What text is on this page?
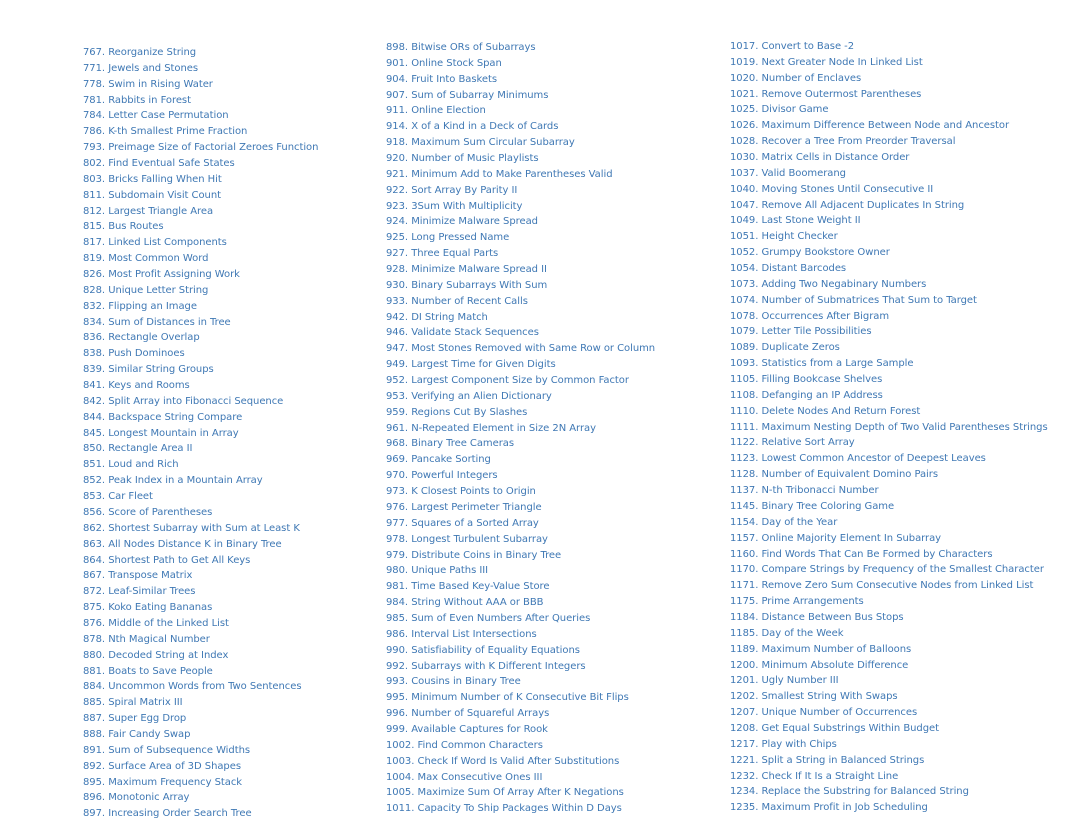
767. Reorganize String
771. Jewels and Stones
778. Swim in Rising Water
781. Rabbits in Forest
784. Letter Case Permutation
786. K-th Smallest Prime Fraction
793. Preimage Size of Factorial Zeroes Function
802. Find Eventual Safe States
803. Bricks Falling When Hit
811. Subdomain Visit Count
812. Largest Triangle Area
815. Bus Routes
817. Linked List Components
819. Most Common Word
826. Most Profit Assigning Work
828. Unique Letter String
832. Flipping an Image
834. Sum of Distances in Tree
836. Rectangle Overlap
838. Push Dominoes
839. Similar String Groups
841. Keys and Rooms
842. Split Array into Fibonacci Sequence
844. Backspace String Compare
845. Longest Mountain in Array
850. Rectangle Area II
851. Loud and Rich
852. Peak Index in a Mountain Array
853. Car Fleet
856. Score of Parentheses
862. Shortest Subarray with Sum at Least K
863. All Nodes Distance K in Binary Tree
864. Shortest Path to Get All Keys
867. Transpose Matrix
872. Leaf-Similar Trees
875. Koko Eating Bananas
876. Middle of the Linked List
878. Nth Magical Number
880. Decoded String at Index
881. Boats to Save People
884. Uncommon Words from Two Sentences
885. Spiral Matrix III
887. Super Egg Drop
888. Fair Candy Swap
891. Sum of Subsequence Widths
892. Surface Area of 3D Shapes
895. Maximum Frequency Stack
896. Monotonic Array
897. Increasing Order Search Tree
898. Bitwise ORs of Subarrays
901. Online Stock Span
904. Fruit Into Baskets
907. Sum of Subarray Minimums
911. Online Election
914. X of a Kind in a Deck of Cards
918. Maximum Sum Circular Subarray
920. Number of Music Playlists
921. Minimum Add to Make Parentheses Valid
922. Sort Array By Parity II
923. 3Sum With Multiplicity
924. Minimize Malware Spread
925. Long Pressed Name
927. Three Equal Parts
928. Minimize Malware Spread II
930. Binary Subarrays With Sum
933. Number of Recent Calls
942. DI String Match
946. Validate Stack Sequences
947. Most Stones Removed with Same Row or Column
949. Largest Time for Given Digits
952. Largest Component Size by Common Factor
953. Verifying an Alien Dictionary
959. Regions Cut By Slashes
961. N-Repeated Element in Size 2N Array
968. Binary Tree Cameras
969. Pancake Sorting
970. Powerful Integers
973. K Closest Points to Origin
976. Largest Perimeter Triangle
977. Squares of a Sorted Array
978. Longest Turbulent Subarray
979. Distribute Coins in Binary Tree
980. Unique Paths III
981. Time Based Key-Value Store
984. String Without AAA or BBB
985. Sum of Even Numbers After Queries
986. Interval List Intersections
990. Satisfiability of Equality Equations
992. Subarrays with K Different Integers
993. Cousins in Binary Tree
995. Minimum Number of K Consecutive Bit Flips
996. Number of Squareful Arrays
999. Available Captures for Rook
1002. Find Common Characters
1003. Check If Word Is Valid After Substitutions
1004. Max Consecutive Ones III
1005. Maximize Sum Of Array After K Negations
1011. Capacity To Ship Packages Within D Days
1017. Convert to Base -2
1019. Next Greater Node In Linked List
1020. Number of Enclaves
1021. Remove Outermost Parentheses
1025. Divisor Game
1026. Maximum Difference Between Node and Ancestor
1028. Recover a Tree From Preorder Traversal
1030. Matrix Cells in Distance Order
1037. Valid Boomerang
1040. Moving Stones Until Consecutive II
1047. Remove All Adjacent Duplicates In String
1049. Last Stone Weight II
1051. Height Checker
1052. Grumpy Bookstore Owner
1054. Distant Barcodes
1073. Adding Two Negabinary Numbers
1074. Number of Submatrices That Sum to Target
1078. Occurrences After Bigram
1079. Letter Tile Possibilities
1089. Duplicate Zeros
1093. Statistics from a Large Sample
1105. Filling Bookcase Shelves
1108. Defanging an IP Address
1110. Delete Nodes And Return Forest
1111. Maximum Nesting Depth of Two Valid Parentheses Strings
1122. Relative Sort Array
1123. Lowest Common Ancestor of Deepest Leaves
1128. Number of Equivalent Domino Pairs
1137. N-th Tribonacci Number
1145. Binary Tree Coloring Game
1154. Day of the Year
1157. Online Majority Element In Subarray
1160. Find Words That Can Be Formed by Characters
1170. Compare Strings by Frequency of the Smallest Character
1171. Remove Zero Sum Consecutive Nodes from Linked List
1175. Prime Arrangements
1184. Distance Between Bus Stops
1185. Day of the Week
1189. Maximum Number of Balloons
1200. Minimum Absolute Difference
1201. Ugly Number III
1202. Smallest String With Swaps
1207. Unique Number of Occurrences
1208. Get Equal Substrings Within Budget
1217. Play with Chips
1221. Split a String in Balanced Strings
1232. Check If It Is a Straight Line
1234. Replace the Substring for Balanced String
1235. Maximum Profit in Job Scheduling
